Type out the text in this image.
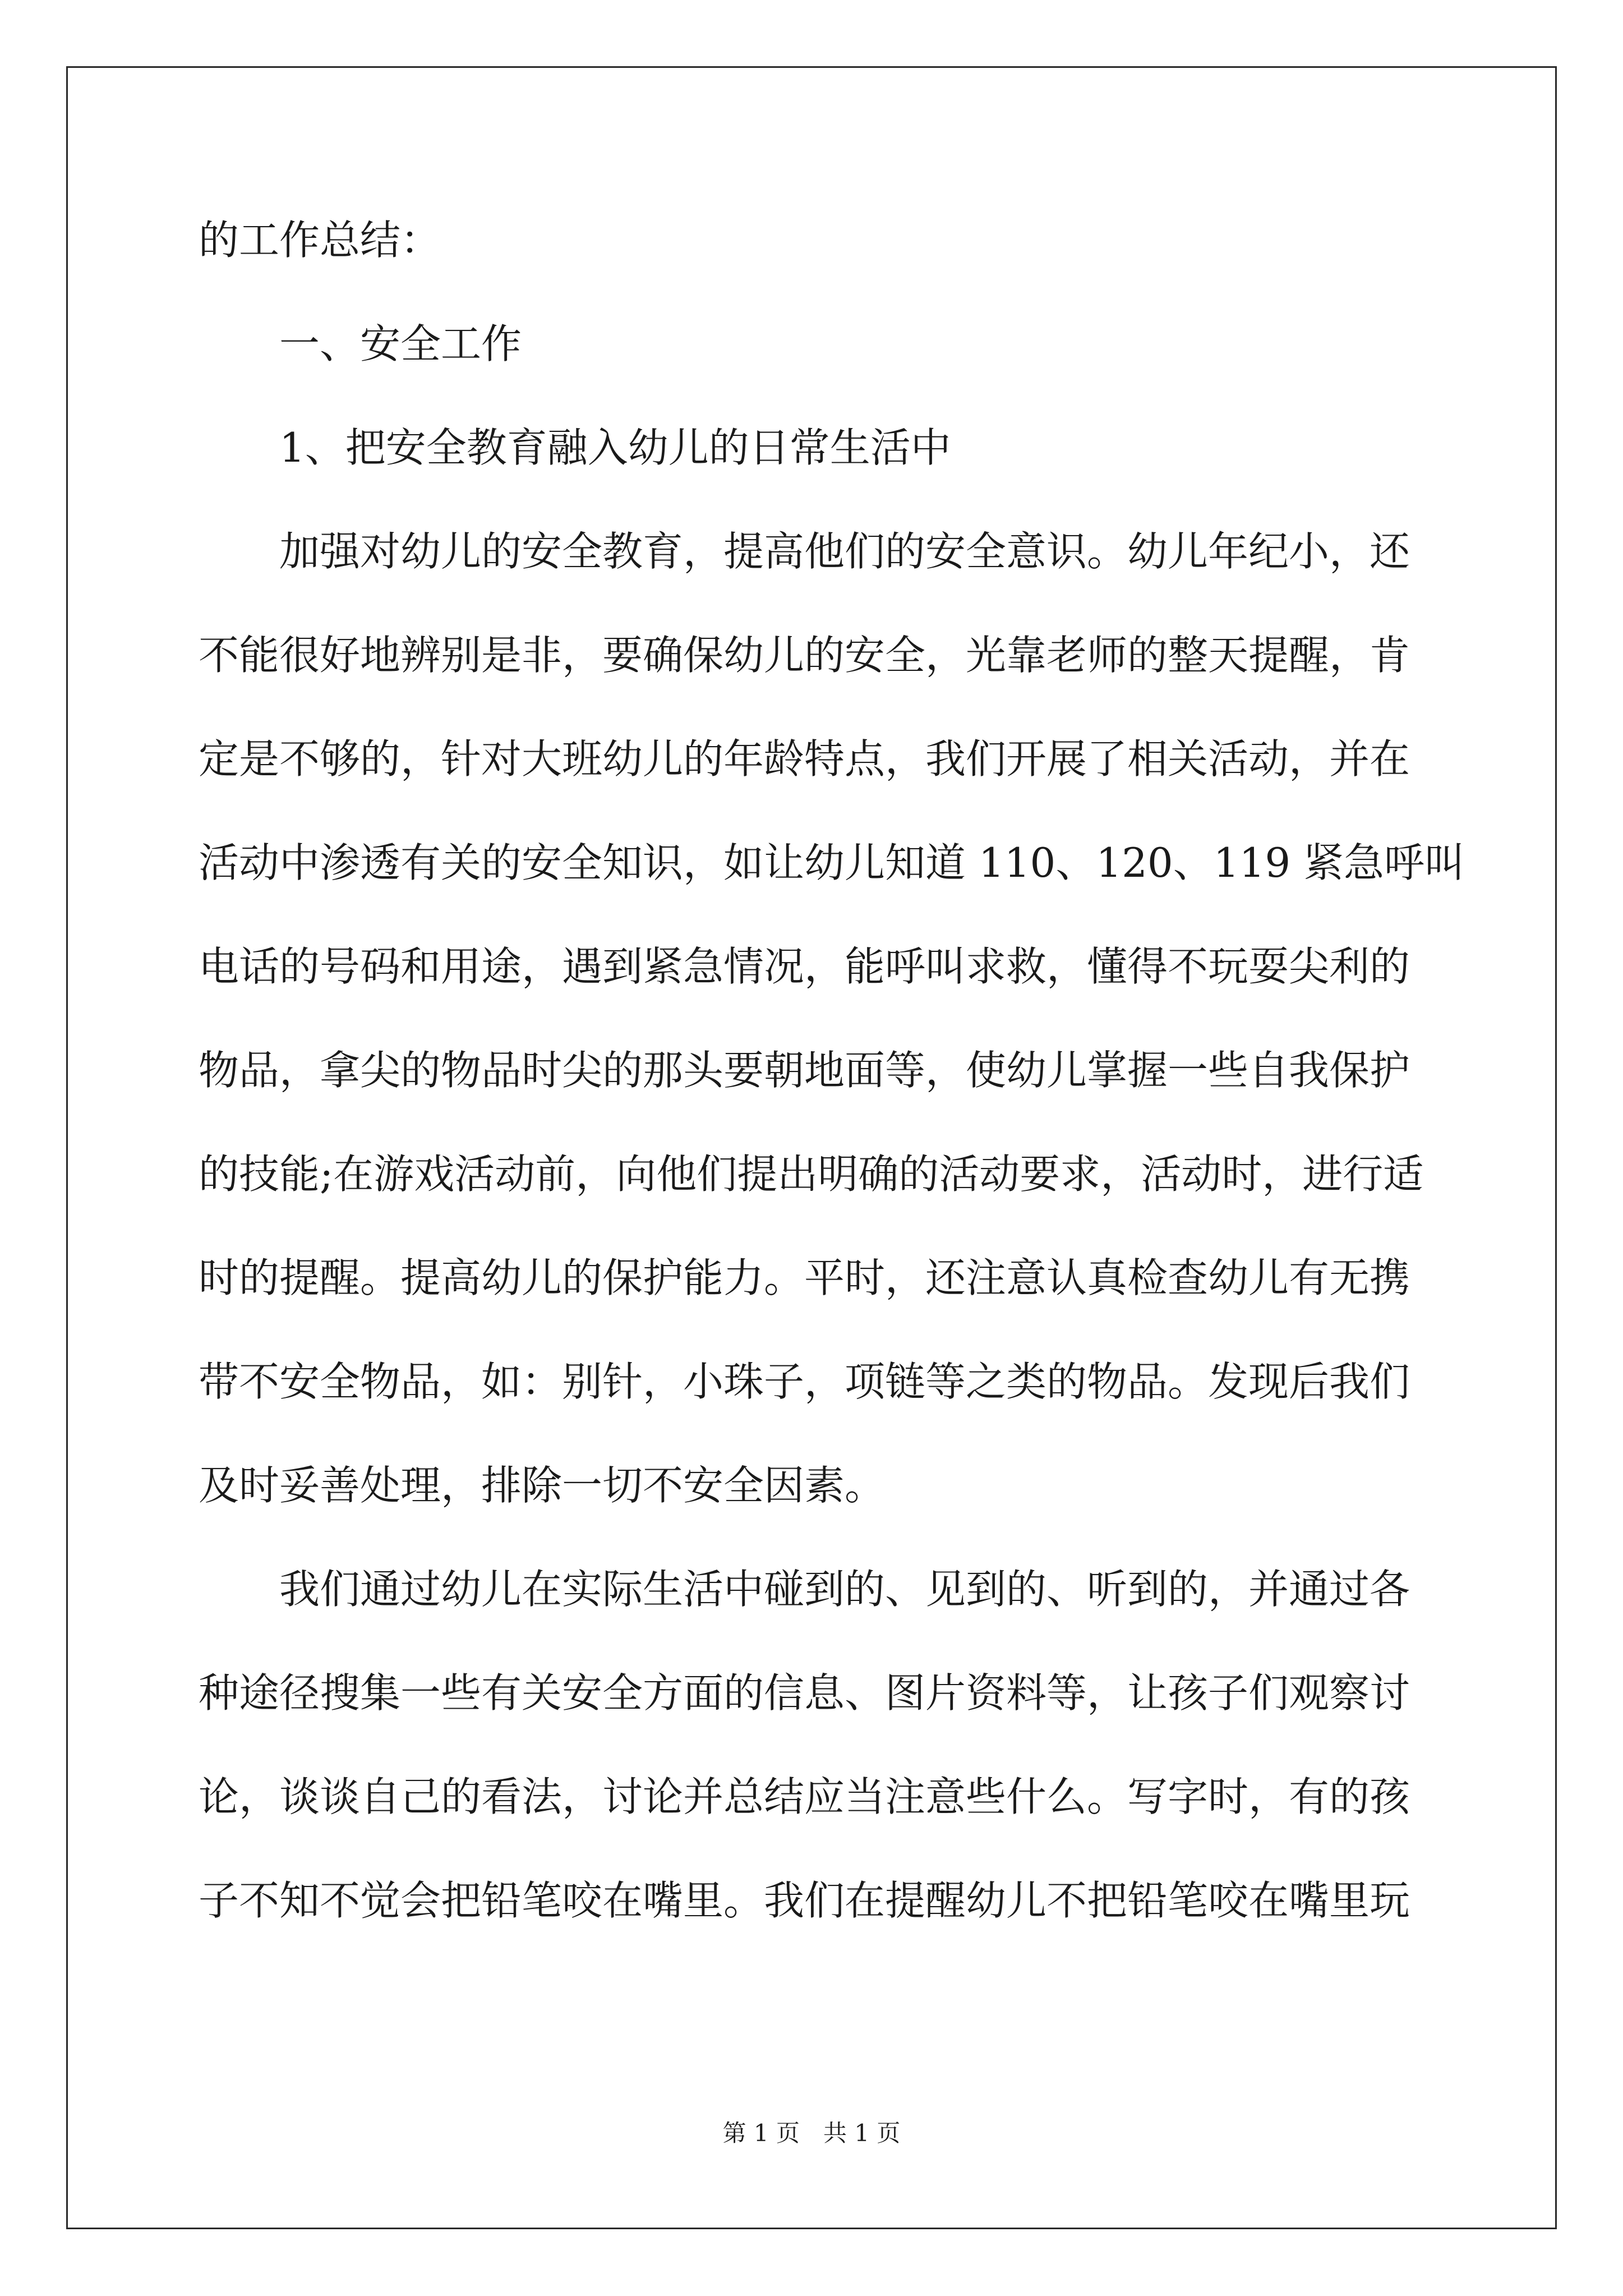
的工作总结：
一、安全工作
1、把安全教育融入幼儿的日常生活中
加强对幼儿的安全教育，提高他们的安全意识。幼儿年纪小，还
不能很好地辨别是非，要确保幼儿的安全，光靠老师的整天提醒，肯
定是不够的，针对大班幼儿的年龄特点，我们开展了相关活动，并在
活动中渗透有关的安全知识，如让幼儿知道 110、120、119 紧急呼叫
电话的号码和用途，遇到紧急情况，能呼叫求救，懂得不玩耍尖利的
物品，拿尖的物品时尖的那头要朝地面等，使幼儿掌握一些自我保护
的技能;在游戏活动前，向他们提出明确的活动要求，活动时，进行适
时的提醒。提高幼儿的保护能力。平时，还注意认真检查幼儿有无携
带不安全物品，如：别针，小珠子，项链等之类的物品。发现后我们
及时妥善处理，排除一切不安全因素。
我们通过幼儿在实际生活中碰到的、见到的、听到的，并通过各
种途径搜集一些有关安全方面的信息、图片资料等，让孩子们观察讨
论，谈谈自己的看法，讨论并总结应当注意些什么。写字时，有的孩
子不知不觉会把铅笔咬在嘴里。我们在提醒幼儿不把铅笔咬在嘴里玩
第 1 页　共 1 页
